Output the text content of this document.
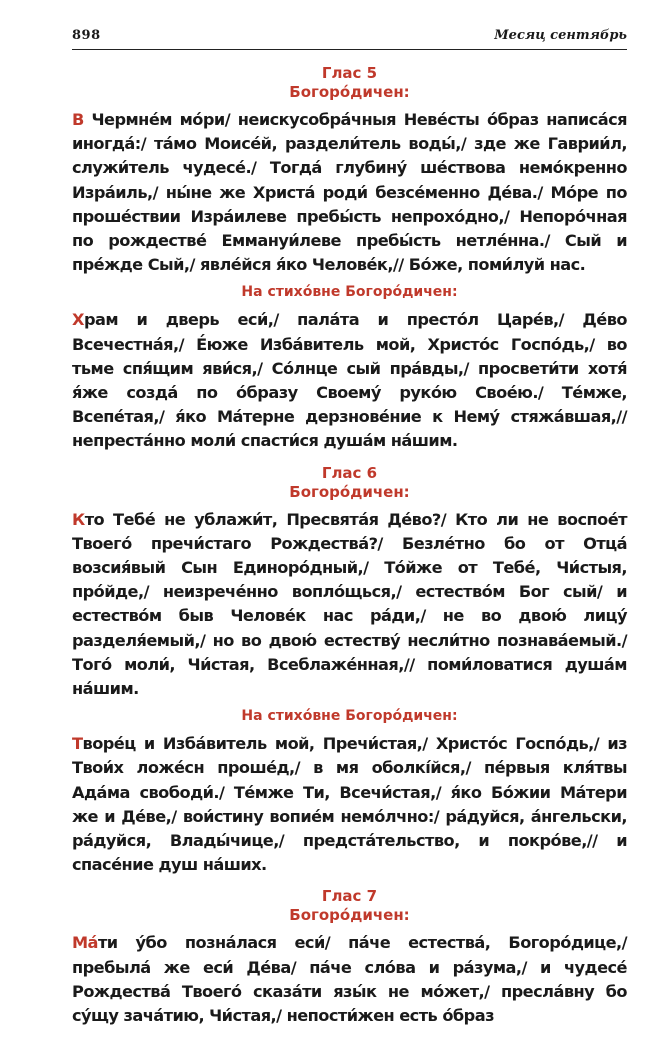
898	Месяц сентябрь
Глас 5
Богоро́дичен:

В Чермне́м мо́ри/ неискусобра́чныя Неве́сты о́браз написа́ся иногда́:/ та́мо Моисе́й, раздели́тель воды́,/ зде же Гаврии́л, служи́тель чудесе́./ Тогда́ глубину́ ше́ствова немо́кренно Изра́иль,/ ны́не же Христа́ роди́ безсе́менно Де́ва./ Мо́ре по проше́ствии Изра́илеве пребы́сть непрохо́дно,/ Непоро́чная по рождестве́ Еммануи́леве пребы́сть нетле́нна./ Сый и пре́жде Сый,/ явле́йся я́ко Челове́к,// Бо́же, поми́луй нас.

На стихо́вне Богоро́дичен:

Храм и дверь еси́,/ пала́та и престо́л Царе́в,/ Де́во Всечестна́я,/ Е́юже Изба́витель мой, Христо́с Госпо́дь,/ во тьме спя́щим яви́ся,/ Со́лнце сый пра́вды,/ просвети́ти хотя́ я́же созда́ по о́бразу Своему́ руко́ю Свое́ю./ Те́мже, Всепе́тая,/ я́ко Ма́терне дерзнове́ние к Нему́ стяжа́вшая,// непреста́нно моли́ спасти́ся душа́м на́шим.

Глас 6
Богоро́дичен:

Кто Тебе́ не ублажи́т, Пресвята́я Де́во?/ Кто ли не воспое́т Твоего́ пречи́стаго Рождества́?/ Безле́тно бо от Отца́ возсия́вый Сын Единоро́дный,/ То́йже от Тебе́, Чи́стыя, про́йде,/ неизрече́нно вопло́щься,/ естество́м Бог сый/ и естество́м быв Челове́к нас ра́ди,/ не во двою́ лицу́ разделя́емый,/ но во двою́ естеству́ несли́тно познава́емый./ Того́ моли́, Чи́стая, Всеблаже́нная,// поми́ловатися душа́м на́шим.

На стихо́вне Богоро́дичен:

Творе́ц и Изба́витель мой, Пречи́стая,/ Христо́с Госпо́дь,/ из Твои́х ложе́сн проше́д,/ в мя оболкі́йся,/ пе́рвыя кля́твы Ада́ма свободи́./ Те́мже Ти, Всечи́стая,/ я́ко Бо́жии Ма́тери же и Де́ве,/ вои́стину вопие́м немо́лчно:/ ра́дуйся, а́нгельски, ра́дуйся, Влады́чице,/ предста́тельство, и покро́ве,// и спасе́ние душ на́ших.

Глас 7
Богоро́дичен:

Ма́ти у́бо позна́лася еси́/ па́че естества́, Богоро́дице,/ пребыла́ же еси́ Де́ва/ па́че сло́ва и ра́зума,/ и чудесе́ Рождества́ Твоего́ сказа́ти язы́к не мо́жет,/ пресла́вну бо су́щу зача́тию, Чи́стая,/ непости́жен есть о́браз
